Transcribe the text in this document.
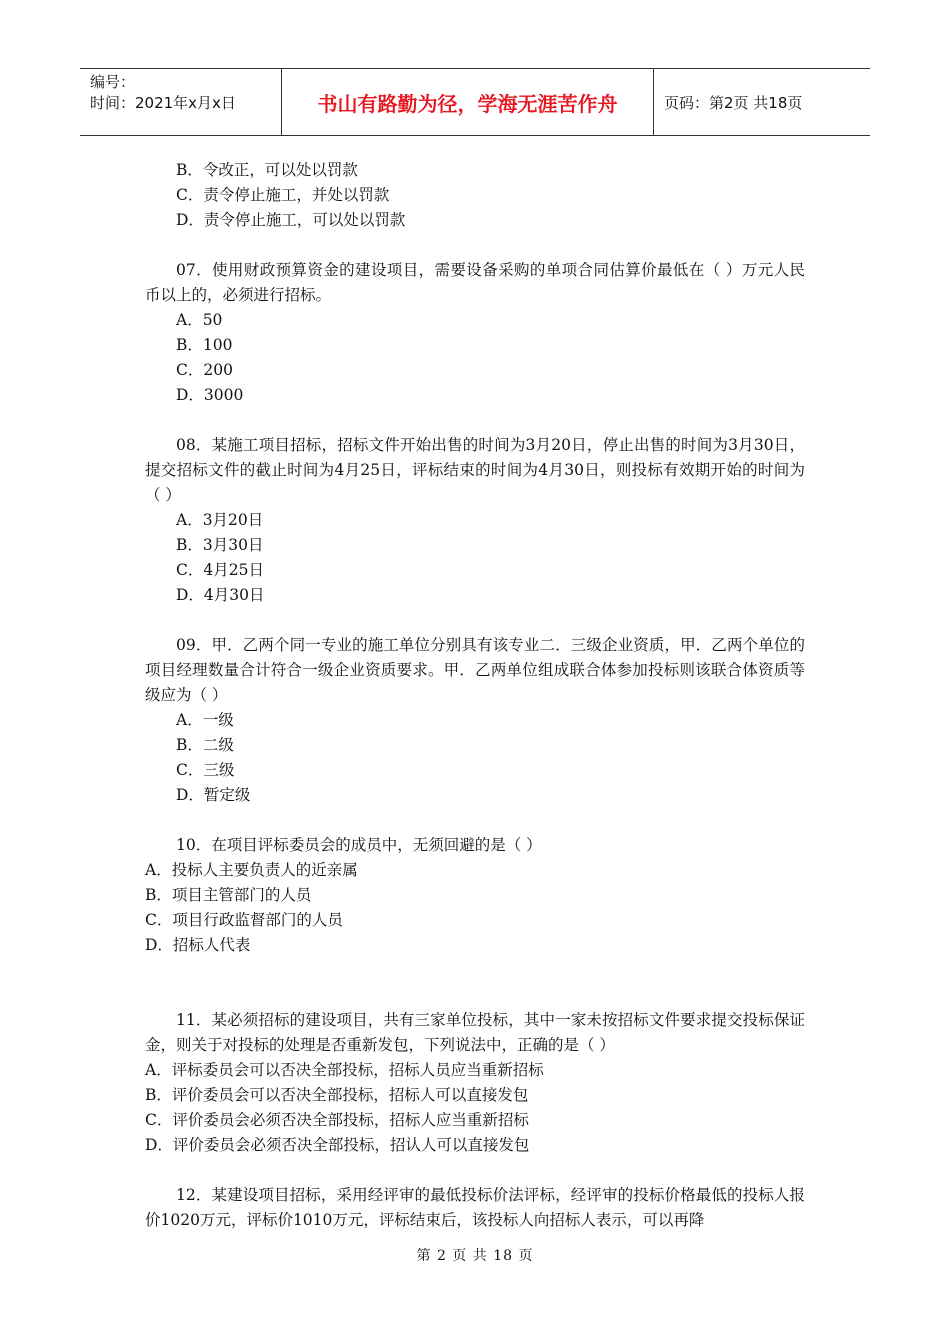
编号：
时间：2021年x月x日	书山有路勤为径，学海无涯苦作舟	页码：第2页 共18页
B．令改正，可以处以罚款
C．责令停止施工，并处以罚款
D．责令停止施工，可以处以罚款
07．使用财政预算资金的建设项目，需要设备采购的单项合同估算价最低在（ ）万元人民币以上的，必须进行招标。
A．50
B．100
C．200
D．3000
08．某施工项目招标，招标文件开始出售的时间为3月20日，停止出售的时间为3月30日，提交招标文件的截止时间为4月25日，评标结束的时间为4月30日，则投标有效期开始的时间为（ ）
A．3月20日
B．3月30日
C．4月25日
D．4月30日
09．甲．乙两个同一专业的施工单位分别具有该专业二．三级企业资质，甲．乙两个单位的项目经理数量合计符合一级企业资质要求。甲．乙两单位组成联合体参加投标则该联合体资质等级应为（ ）
A．一级
B．二级
C．三级
D．暂定级
10．在项目评标委员会的成员中，无须回避的是（ ）
A．投标人主要负责人的近亲属
B．项目主管部门的人员
C．项目行政监督部门的人员
D．招标人代表
11．某必须招标的建设项目，共有三家单位投标，其中一家未按招标文件要求提交投标保证金，则关于对投标的处理是否重新发包，下列说法中，正确的是（ ）
A．评标委员会可以否决全部投标，招标人员应当重新招标
B．评价委员会可以否决全部投标，招标人可以直接发包
C．评价委员会必须否决全部投标，招标人应当重新招标
D．评价委员会必须否决全部投标，招认人可以直接发包
12．某建设项目招标，采用经评审的最低投标价法评标，经评审的投标价格最低的投标人报价1020万元，评标价1010万元，评标结束后，该投标人向招标人表示，可以再降
第 2 页 共 18 页
